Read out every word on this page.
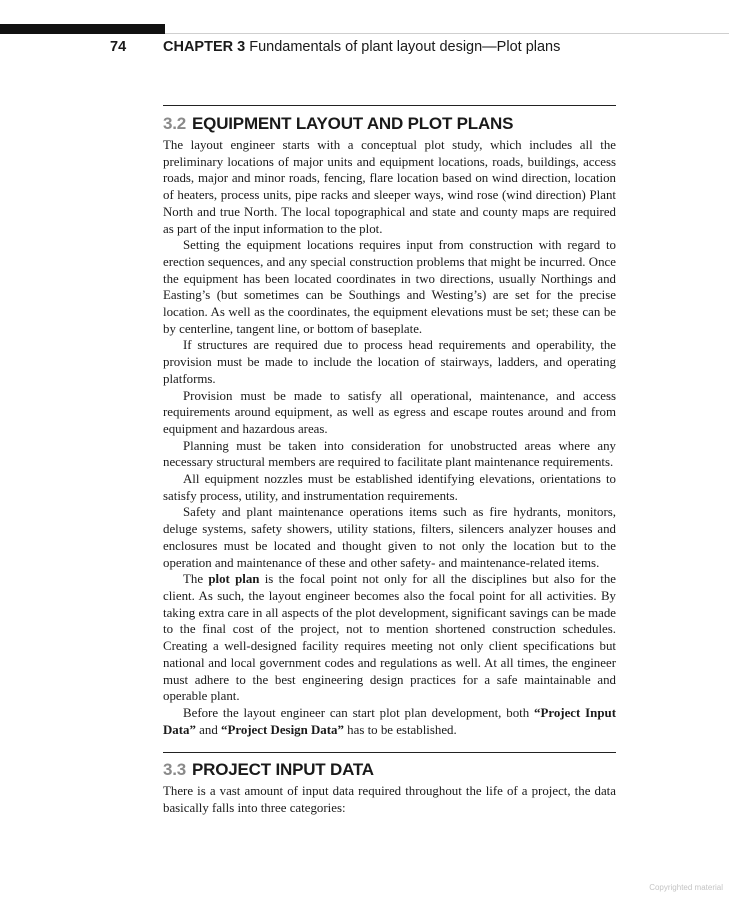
74	CHAPTER 3 Fundamentals of plant layout design—Plot plans
3.2 EQUIPMENT LAYOUT AND PLOT PLANS

The layout engineer starts with a conceptual plot study, which includes all the preliminary locations of major units and equipment locations, roads, buildings, access roads, major and minor roads, fencing, flare location based on wind direction, location of heaters, process units, pipe racks and sleeper ways, wind rose (wind direction) Plant North and true North. The local topographical and state and county maps are required as part of the input information to the plot.

Setting the equipment locations requires input from construction with regard to erection sequences, and any special construction problems that might be incurred. Once the equipment has been located coordinates in two directions, usually Northings and Easting’s (but sometimes can be Southings and Westing’s) are set for the precise location. As well as the coordinates, the equipment elevations must be set; these can be by centerline, tangent line, or bottom of baseplate.

If structures are required due to process head requirements and operability, the provision must be made to include the location of stairways, ladders, and operating platforms.

Provision must be made to satisfy all operational, maintenance, and access requirements around equipment, as well as egress and escape routes around and from equipment and hazardous areas.

Planning must be taken into consideration for unobstructed areas where any necessary structural members are required to facilitate plant maintenance requirements.

All equipment nozzles must be established identifying elevations, orientations to satisfy process, utility, and instrumentation requirements.

Safety and plant maintenance operations items such as fire hydrants, monitors, deluge systems, safety showers, utility stations, filters, silencers analyzer houses and enclosures must be located and thought given to not only the location but to the operation and maintenance of these and other safety- and maintenance-related items.

The plot plan is the focal point not only for all the disciplines but also for the client. As such, the layout engineer becomes also the focal point for all activities. By taking extra care in all aspects of the plot development, significant savings can be made to the final cost of the project, not to mention shortened construction schedules. Creating a well-designed facility requires meeting not only client specifications but national and local government codes and regulations as well. At all times, the engineer must adhere to the best engineering design practices for a safe maintainable and operable plant.

Before the layout engineer can start plot plan development, both “Project Input Data” and “Project Design Data” has to be established.

3.3 PROJECT INPUT DATA

There is a vast amount of input data required throughout the life of a project, the data basically falls into three categories:

Copyrighted material
